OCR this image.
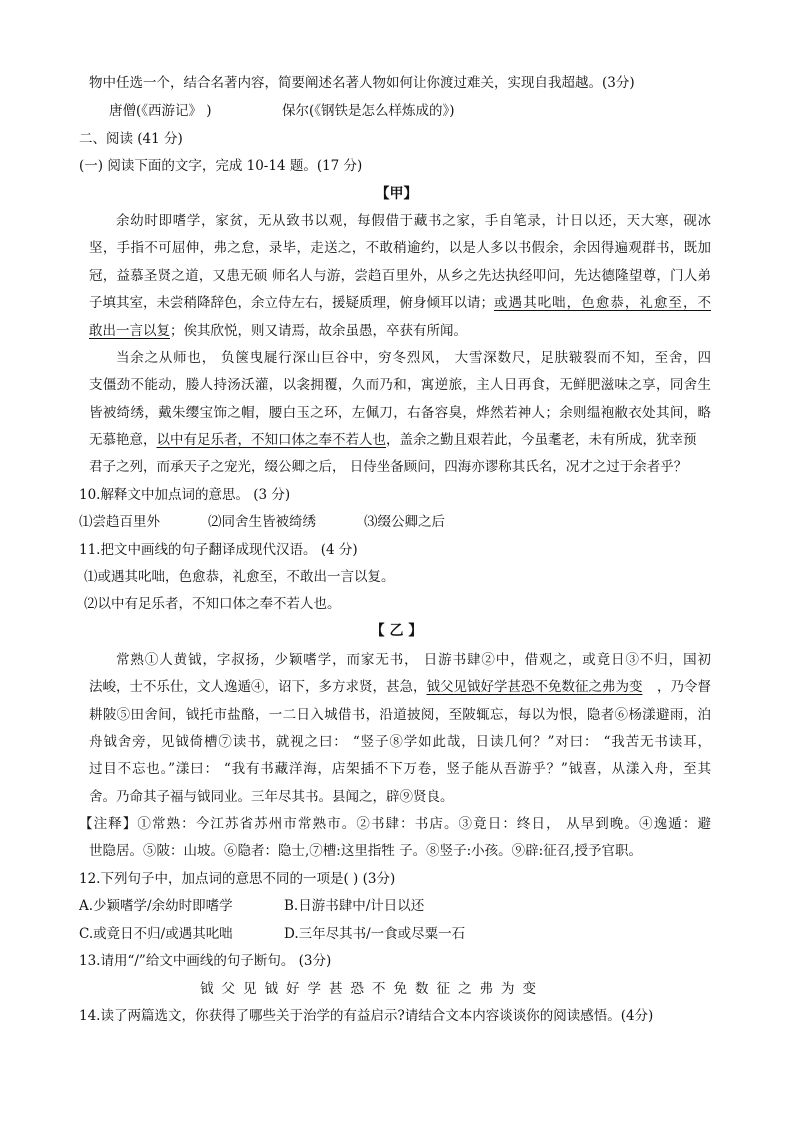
物中任选一个，结合名著内容，简要阐述名著人物如何让你渡过难关，实现自我超越。(3分)
唐僧(《西游记》 )	保尔(《钢铁是怎么样炼成的》)
二、阅读 (41 分)
(一) 阅读下面的文字，完成 10-14 题。(17 分)
【甲】
余幼时即嗜学，家贫，无从致书以观，每假借于藏书之家，手自笔录，计日以还，天大寒，砚冰
坚，手指不可屈伸，弗之怠，录毕，走送之，不敢稍逾约，以是人多以书假余，余因得遍观群书，既加
冠，益慕圣贤之道，又患无硕 师名人与游，尝趋百里外，从乡之先达执经叩问，先达德隆望尊，门人弟
子填其室，未尝稍降辞色，余立侍左右，援疑质理，俯身倾耳以请； 或遇其叱咄，色愈恭，礼愈至，不
敢出一言以复；俟其欣悦，则又请焉，故余虽愚，卒获有所闻。
当余之从师也， 负箧曳屣行深山巨谷中，穷冬烈风， 大雪深数尺，足肤皲裂而不知，至舍，四
支僵劲不能动，媵人持汤沃灌，以衾拥覆，久而乃和，寓逆旅，主人日再食，无鲜肥滋味之享，同舍生
皆被绮绣，戴朱缨宝饰之帽，腰白玉之环，左佩刀，右备容臭，烨然若神人；余则缊袍敝衣处其间，略
无慕艳意，以中有足乐者，不知口体之奉不若人也，盖余之勤且艰若此，今虽耄老，未有所成，犹幸预
君子之列，而承天子之宠光，缀公卿之后， 日侍坐备顾问，四海亦谬称其氏名，况才之过于余者乎？
10.解释文中加点词的意思。 (3 分)
⑴尝趋百里外	⑵同舍生皆被绮绣	⑶缀公卿之后
11.把文中画线的句子翻译成现代汉语。 (4 分)
⑴或遇其叱咄，色愈恭，礼愈至，不敢出一言以复。
⑵以中有足乐者，不知口体之奉不若人也。
【 乙 】
常熟①人黄钺，字叔扬，少颖嗜学，而家无书， 日游书肆②中，借观之，或竟日③不归，国初
法峻，士不乐仕，文人逸遁④，诏下，多方求贤，甚急， 钺父见钺好学甚恐不免数征之弗为变	，乃令督
耕陂⑤田舍间，钺托市盐酪，一二日入城借书，沿道披阅，至陂辄忘，每以为恨，隐者⑥杨漾避雨，泊
舟钺舍旁，见钺倚槽⑦读书，就视之曰： “竖子⑧学如此哉，日读几何？”对曰： “我苦无书读耳，
过目不忘也。”漾曰： “我有书藏洋海，店架插不下万卷，竖子能从吾游乎？”钺喜，从漾入舟，至其
舍。乃命其子福与钺同业。三年尽其书。县闻之，辟⑨贤良。
【注释】①常熟：今江苏省苏州市常熟市。②书肆：书店。③竟日：终日， 从早到晚。④逸遁：避
世隐居。⑤陂：山坡。⑥隐者：隐士,⑦槽:这里指牲 子。⑧竖子:小孩。⑨辟:征召,授予官职。
12.下列句子中，加点词的意思不同的一项是( ) (3分)
A.少颖嗜学/余幼时即嗜学	B.日游书肆中/计日以还
C.或竟日不归/或遇其叱咄	D.三年尽其书/一食或尽粟一石
13.请用“/”给文中画线的句子断句。 (3分)
钺父见钺好学甚恐不免数征之弗为变
14.读了两篇选文，你获得了哪些关于治学的有益启示?请结合文本内容谈谈你的阅读感悟。(4分)
